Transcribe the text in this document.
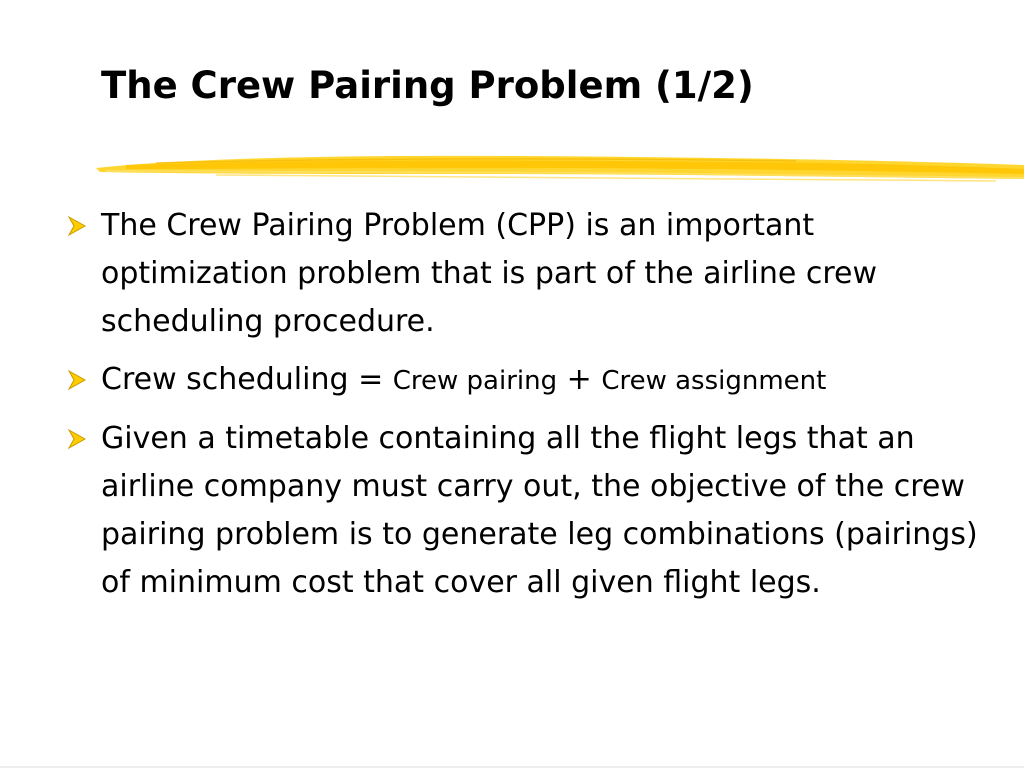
The Crew Pairing Problem (1/2)
The Crew Pairing Problem (CPP) is an important optimization problem that is part of the airline crew scheduling procedure.
Crew scheduling = Crew pairing + Crew assignment
Given a timetable containing all the flight legs that an airline company must carry out, the objective of the crew pairing problem is to generate leg combinations (pairings) of minimum cost that cover all given flight legs.
